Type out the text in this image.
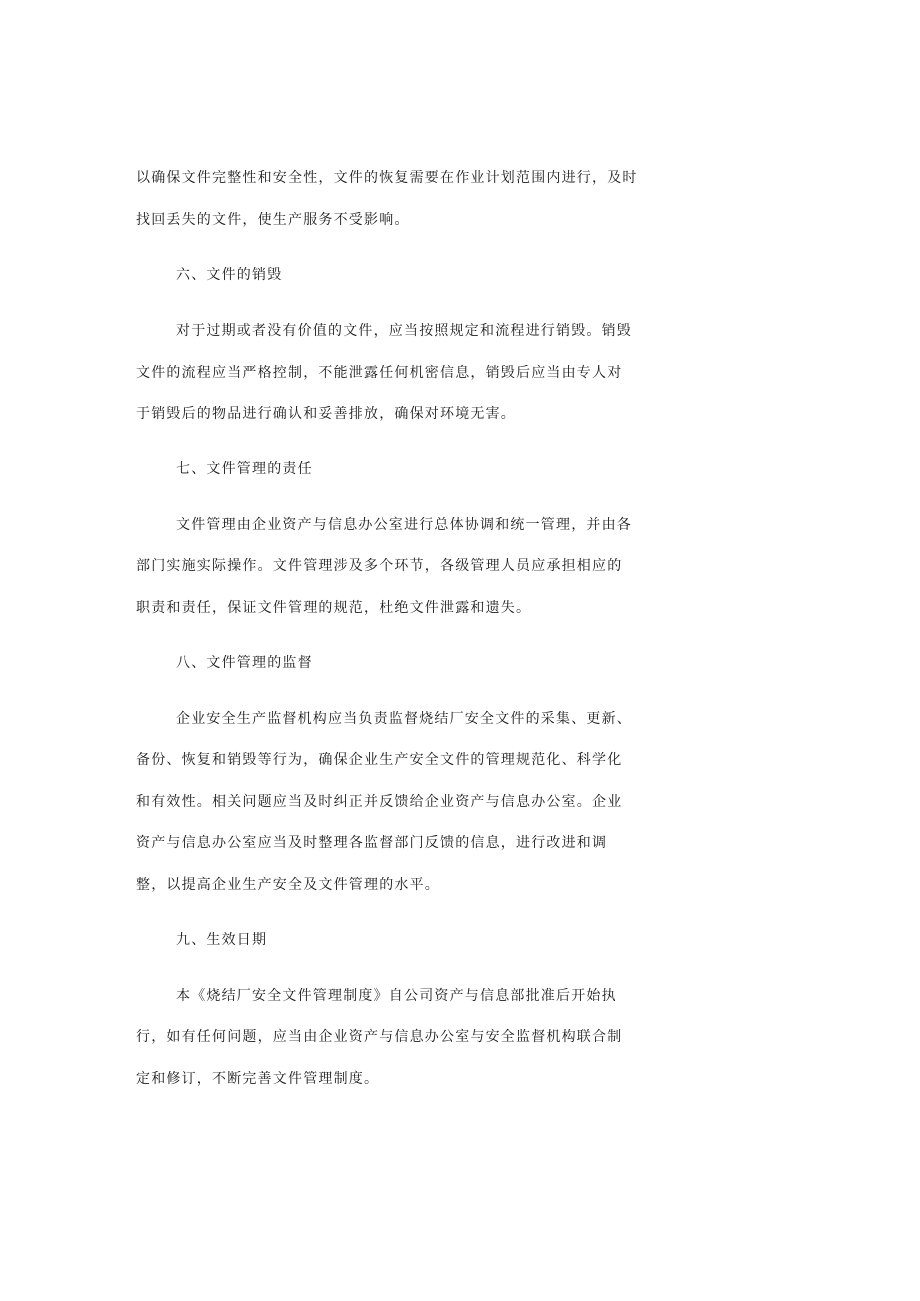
以确保文件完整性和安全性，文件的恢复需要在作业计划范围内进行，及时
找回丢失的文件，使生产服务不受影响。
六、文件的销毁
对于过期或者没有价值的文件，应当按照规定和流程进行销毁。销毁
文件的流程应当严格控制，不能泄露任何机密信息，销毁后应当由专人对
于销毁后的物品进行确认和妥善排放，确保对环境无害。
七、文件管理的责任
文件管理由企业资产与信息办公室进行总体协调和统一管理，并由各
部门实施实际操作。文件管理涉及多个环节，各级管理人员应承担相应的
职责和责任，保证文件管理的规范，杜绝文件泄露和遗失。
八、文件管理的监督
企业安全生产监督机构应当负责监督烧结厂安全文件的采集、更新、
备份、恢复和销毁等行为，确保企业生产安全文件的管理规范化、科学化
和有效性。相关问题应当及时纠正并反馈给企业资产与信息办公室。企业
资产与信息办公室应当及时整理各监督部门反馈的信息，进行改进和调
整，以提高企业生产安全及文件管理的水平。
九、生效日期
本《烧结厂安全文件管理制度》自公司资产与信息部批准后开始执
行，如有任何问题，应当由企业资产与信息办公室与安全监督机构联合制
定和修订，不断完善文件管理制度。
